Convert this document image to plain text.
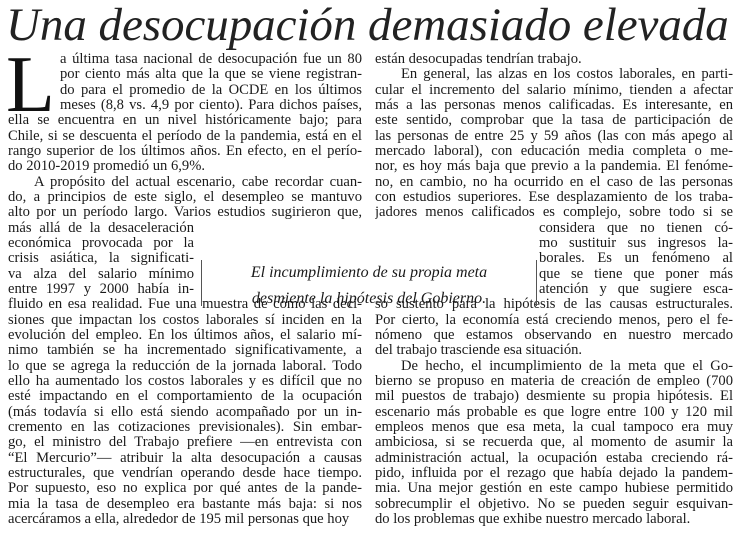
Una desocupación demasiado elevada
L a última tasa nacional de desocupación fue un 80
por ciento más alta que la que se viene registran-
do para el promedio de la OCDE en los últimos
meses (8,8 vs. 4,9 por ciento). Para dichos países,
ella se encuentra en un nivel históricamente bajo; para
Chile, si se descuenta el período de la pandemia, está en el
rango superior de los últimos años. En efecto, en el perío-
do 2010-2019 promedió un 6,9%.
A propósito del actual escenario, cabe recordar cuan-
do, a principios de este siglo, el desempleo se mantuvo
alto por un período largo. Varios estudios sugirieron que,
más allá de la desaceleración
económica provocada por la
crisis asiática, la significati-
va alza del salario mínimo
entre 1997 y 2000 había in-
fluido en esa realidad. Fue una muestra de cómo las deci-
siones que impactan los costos laborales sí inciden en la
evolución del empleo. En los últimos años, el salario mí-
nimo también se ha incrementado significativamente, a
lo que se agrega la reducción de la jornada laboral. Todo
ello ha aumentado los costos laborales y es difícil que no
esté impactando en el comportamiento de la ocupación
(más todavía si ello está siendo acompañado por un in-
cremento en las cotizaciones previsionales). Sin embar-
go, el ministro del Trabajo prefiere —en entrevista con
“El Mercurio”— atribuir la alta desocupación a causas
estructurales, que vendrían operando desde hace tiempo.
Por supuesto, eso no explica por qué antes de la pande-
mia la tasa de desempleo era bastante más baja: si nos
acercáramos a ella, alrededor de 195 mil personas que hoy
están desocupadas tendrían trabajo.
En general, las alzas en los costos laborales, en parti-
cular el incremento del salario mínimo, tienden a afectar
más a las personas menos calificadas. Es interesante, en
este sentido, comprobar que la tasa de participación de
las personas de entre 25 y 59 años (las con más apego al
mercado laboral), con educación media completa o me-
nor, es hoy más baja que previo a la pandemia. El fenóme-
no, en cambio, no ha ocurrido en el caso de las personas
con estudios superiores. Ese desplazamiento de los traba-
jadores menos calificados es complejo, sobre todo si se
considera que no tienen có-
mo sustituir sus ingresos la-
borales. Es un fenómeno al
que se tiene que poner más
atención y que sugiere esca-
so sustento para la hipótesis de las causas estructurales.
Por cierto, la economía está creciendo menos, pero el fe-
nómeno que estamos observando en nuestro mercado
del trabajo trasciende esa situación.
De hecho, el incumplimiento de la meta que el Go-
bierno se propuso en materia de creación de empleo (700
mil puestos de trabajo) desmiente su propia hipótesis. El
escenario más probable es que logre entre 100 y 120 mil
empleos menos que esa meta, la cual tampoco era muy
ambiciosa, si se recuerda que, al momento de asumir la
administración actual, la ocupación estaba creciendo rá-
pido, influida por el rezago que había dejado la pandem-
mia. Una mejor gestión en este campo hubiese permitido
sobrecumplir el objetivo. No se pueden seguir esquivan-
do los problemas que exhibe nuestro mercado laboral.
El incumplimiento de su propia meta
desmiente la hipótesis del Gobierno.
